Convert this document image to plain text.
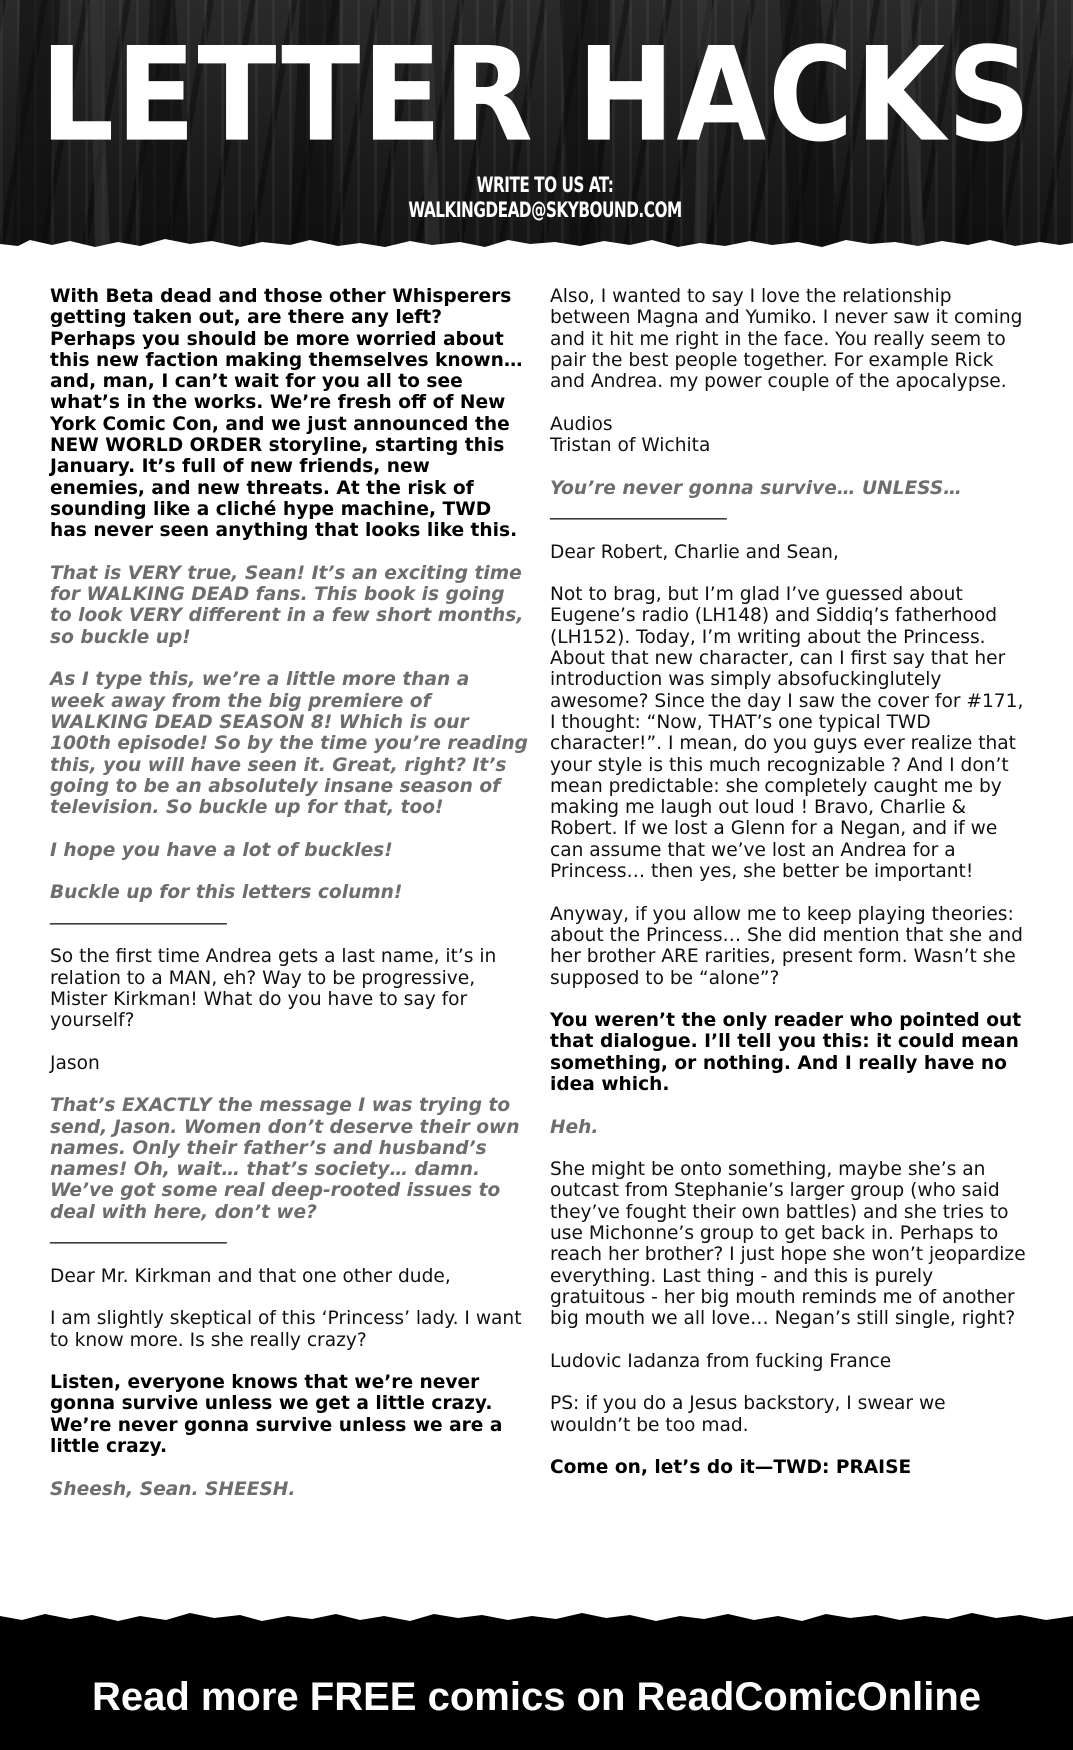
LETTER HACKS
WRITE TO US AT: WALKINGDEAD@SKYBOUND.COM

With Beta dead and those other Whisperers getting taken out, are there any left? Perhaps you should be more worried about this new faction making themselves known… and, man, I can’t wait for you all to see what’s in the works. We’re fresh off of New York Comic Con, and we just announced the NEW WORLD ORDER storyline, starting this January. It’s full of new friends, new enemies, and new threats. At the risk of sounding like a cliché hype machine, TWD has never seen anything that looks like this.

That is VERY true, Sean! It’s an exciting time for WALKING DEAD fans. This book is going to look VERY different in a few short months, so buckle up!

As I type this, we’re a little more than a week away from the big premiere of WALKING DEAD SEASON 8! Which is our 100th episode! So by the time you’re reading this, you will have seen it. Great, right? It’s going to be an absolutely insane season of television. So buckle up for that, too!

I hope you have a lot of buckles!

Buckle up for this letters column!

___________________

So the first time Andrea gets a last name, it’s in relation to a MAN, eh? Way to be progressive, Mister Kirkman! What do you have to say for yourself?

Jason

That’s EXACTLY the message I was trying to send, Jason. Women don’t deserve their own names. Only their father’s and husband’s names! Oh, wait… that’s society… damn. We’ve got some real deep-rooted issues to deal with here, don’t we?

___________________

Dear Mr. Kirkman and that one other dude,

I am slightly skeptical of this ‘Princess’ lady. I want to know more. Is she really crazy?

Listen, everyone knows that we’re never gonna survive unless we get a little crazy. We’re never gonna survive unless we are a little crazy.

Sheesh, Sean. SHEESH.

Also, I wanted to say I love the relationship between Magna and Yumiko. I never saw it coming and it hit me right in the face. You really seem to pair the best people together. For example Rick and Andrea. my power couple of the apocalypse.

Audios
Tristan of Wichita

You’re never gonna survive… UNLESS…

___________________

Dear Robert, Charlie and Sean,

Not to brag, but I’m glad I’ve guessed about Eugene’s radio (LH148) and Siddiq’s fatherhood (LH152). Today, I’m writing about the Princess. About that new character, can I first say that her introduction was simply absofuckinglutely awesome? Since the day I saw the cover for #171, I thought: “Now, THAT’s one typical TWD character!”. I mean, do you guys ever realize that your style is this much recognizable ? And I don’t mean predictable: she completely caught me by making me laugh out loud ! Bravo, Charlie & Robert. If we lost a Glenn for a Negan, and if we can assume that we’ve lost an Andrea for a Princess… then yes, she better be important!

Anyway, if you allow me to keep playing theories: about the Princess… She did mention that she and her brother ARE rarities, present form. Wasn’t she supposed to be “alone”?

You weren’t the only reader who pointed out that dialogue. I’ll tell you this: it could mean something, or nothing. And I really have no idea which.

Heh.

She might be onto something, maybe she’s an outcast from Stephanie’s larger group (who said they’ve fought their own battles) and she tries to use Michonne’s group to get back in. Perhaps to reach her brother? I just hope she won’t jeopardize everything. Last thing - and this is purely gratuitous - her big mouth reminds me of another big mouth we all love… Negan’s still single, right?

Ludovic Iadanza from fucking France

PS: if you do a Jesus backstory, I swear we wouldn’t be too mad.

Come on, let’s do it—TWD: PRAISE

Read more FREE comics on ReadComicOnline
